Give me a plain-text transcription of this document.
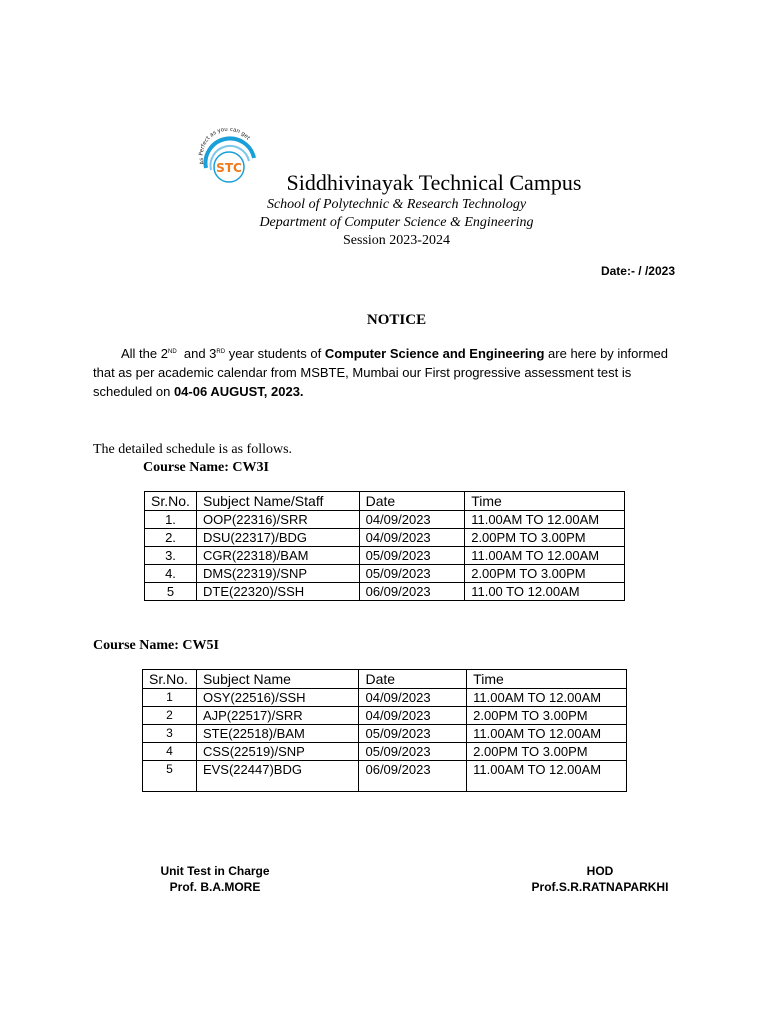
As Perfect as you can get
STC
Siddhivinayak Technical Campus
School of Polytechnic & Research Technology
Department of Computer Science & Engineering
Session 2023-2024
Date:- / /2023
NOTICE
All the 2ND  and 3RD year students of Computer Science and Engineering are here by informed that as per academic calendar from MSBTE, Mumbai our First progressive assessment test is scheduled on 04-06 AUGUST, 2023.
The detailed schedule is as follows.
Course Name: CW3I
Sr.No.	Subject Name/Staff	Date	Time
1.	OOP(22316)/SRR	04/09/2023	11.00AM TO 12.00AM
2.	DSU(22317)/BDG	04/09/2023	2.00PM TO 3.00PM
3.	CGR(22318)/BAM	05/09/2023	11.00AM TO 12.00AM
4.	DMS(22319)/SNP	05/09/2023	2.00PM TO 3.00PM
5	DTE(22320)/SSH	06/09/2023	11.00 TO 12.00AM
Course Name: CW5I
Sr.No.	Subject Name	Date	Time
1	OSY(22516)/SSH	04/09/2023	11.00AM TO 12.00AM
2	AJP(22517)/SRR	04/09/2023	2.00PM TO 3.00PM
3	STE(22518)/BAM	05/09/2023	11.00AM TO 12.00AM
4	CSS(22519)/SNP	05/09/2023	2.00PM TO 3.00PM
5	EVS(22447)BDG	06/09/2023	11.00AM TO 12.00AM
Unit Test in Charge
Prof. B.A.MORE
HOD
Prof.S.R.RATNAPARKHI
